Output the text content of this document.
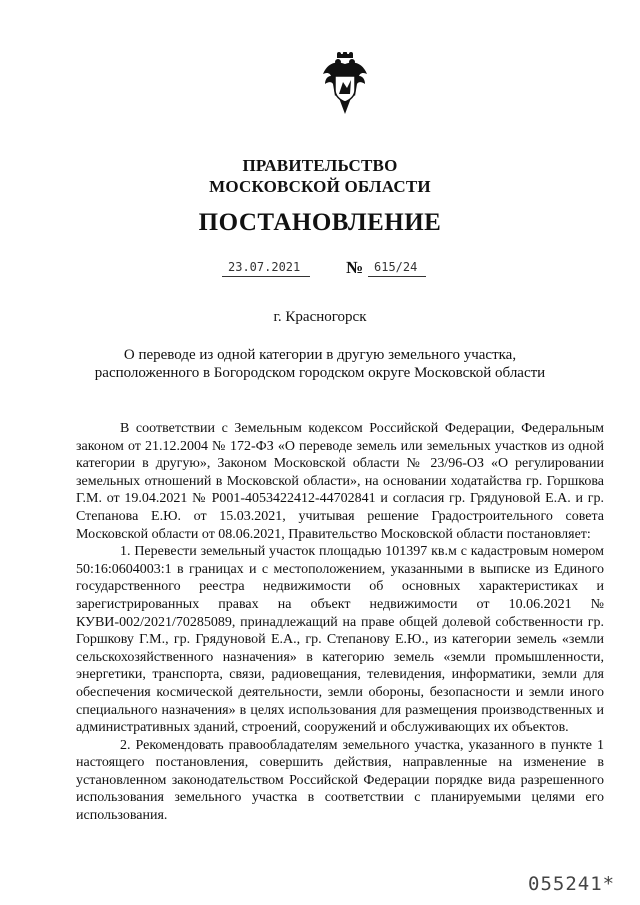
ПРАВИТЕЛЬСТВО
МОСКОВСКОЙ ОБЛАСТИ
ПОСТАНОВЛЕНИЕ
23.07.2021	№ 615/24
г. Красногорск
О переводе из одной категории в другую земельного участка,
расположенного в Богородском городском округе Московской области

В соответствии с Земельным кодексом Российской Федерации, Федеральным законом от 21.12.2004 № 172-ФЗ «О переводе земель или земельных участков из одной категории в другую», Законом Московской области № 23/96-ОЗ «О регулировании земельных отношений в Московской области», на основании ходатайства гр. Горшкова Г.М. от 19.04.2021 № Р001-4053422412-44702841 и согласия гр. Грядуновой Е.А. и гр. Степанова Е.Ю. от 15.03.2021, учитывая решение Градостроительного совета Московской области от 08.06.2021, Правительство Московской области постановляет:

1. Перевести земельный участок площадью 101397 кв.м с кадастровым номером 50:16:0604003:1 в границах и с местоположением, указанными в выписке из Единого государственного реестра недвижимости об основных характеристиках и зарегистрированных правах на объект недвижимости от 10.06.2021 № КУВИ-002/2021/70285089, принадлежащий на праве общей долевой собственности гр. Горшкову Г.М., гр. Грядуновой Е.А., гр. Степанову Е.Ю., из категории земель «земли сельскохозяйственного назначения» в категорию земель «земли промышленности, энергетики, транспорта, связи, радиовещания, телевидения, информатики, земли для обеспечения космической деятельности, земли обороны, безопасности и земли иного специального назначения» в целях использования для размещения производственных и административных зданий, строений, сооружений и обслуживающих их объектов.

2. Рекомендовать правообладателям земельного участка, указанного в пункте 1 настоящего постановления, совершить действия, направленные на изменение в установленном законодательством Российской Федерации порядке вида разрешенного использования земельного участка в соответствии с планируемыми целями его использования.

055241*
